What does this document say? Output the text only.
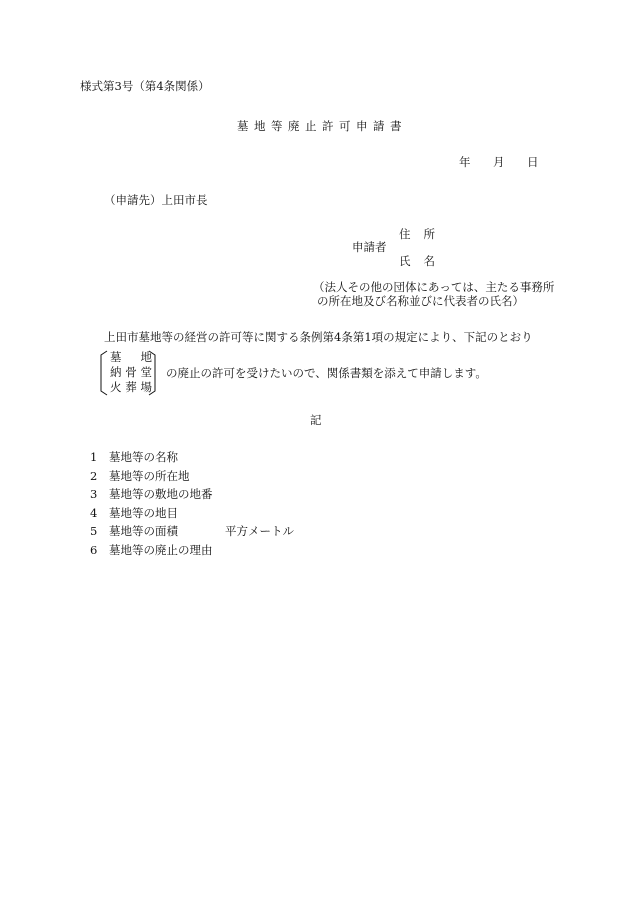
様式第3号（第4条関係）
墓地等廃止許可申請書
年 月 日
（申請先）上田市長
住所
申請者
氏名
（法人その他の団体にあっては、主たる事務所
の所在地及び名称並びに代表者の氏名）
上田市墓地等の経営の許可等に関する条例第4条第1項の規定により、下記のとおり
墓 地
納 骨 堂
火 葬 場
の廃止の許可を受けたいので、関係書類を添えて申請します。
記
1 墓地等の名称
2 墓地等の所在地
3 墓地等の敷地の地番
4 墓地等の地目
5 墓地等の面積	平方メートル
6 墓地等の廃止の理由
